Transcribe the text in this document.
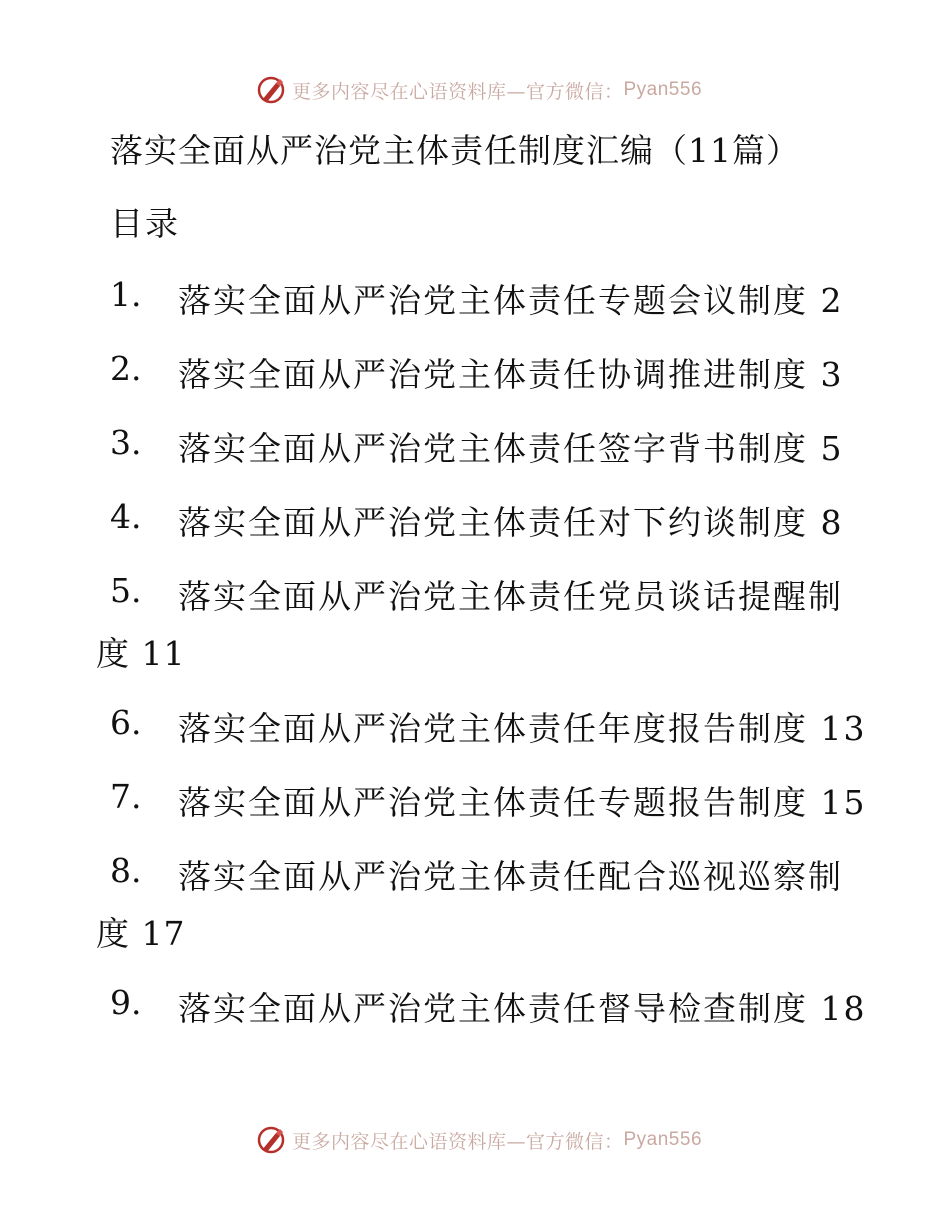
更多内容尽在心语资料库—官方微信： Pyan556
落实全面从严治党主体责任制度汇编（11篇）
目录
1. 落实全面从严治党主体责任专题会议制度 2
2. 落实全面从严治党主体责任协调推进制度 3
3. 落实全面从严治党主体责任签字背书制度 5
4. 落实全面从严治党主体责任对下约谈制度 8
5. 落实全面从严治党主体责任党员谈话提醒制
度 11
6. 落实全面从严治党主体责任年度报告制度 13
7. 落实全面从严治党主体责任专题报告制度 15
8. 落实全面从严治党主体责任配合巡视巡察制
度 17
9. 落实全面从严治党主体责任督导检查制度 18
更多内容尽在心语资料库—官方微信： Pyan556
